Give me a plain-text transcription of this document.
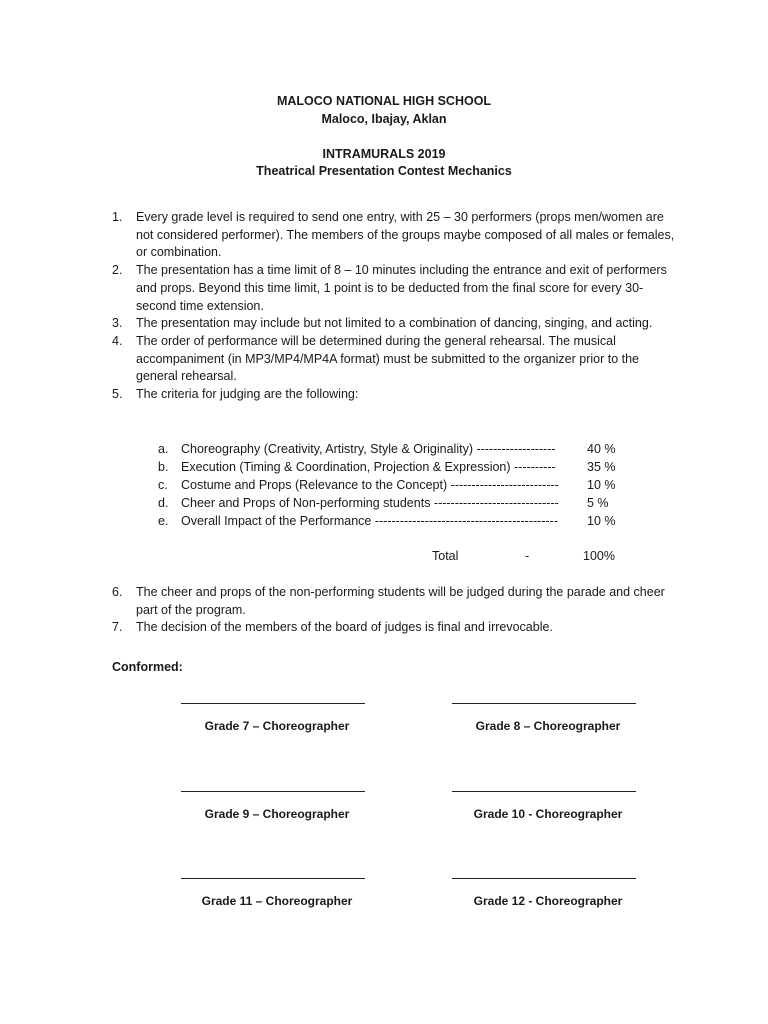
MALOCO NATIONAL HIGH SCHOOL
Maloco, Ibajay, Aklan
INTRAMURALS 2019
Theatrical Presentation Contest Mechanics
1. Every grade level is required to send one entry, with 25 – 30 performers (props men/women are not considered performer). The members of the groups maybe composed of all males or females, or combination.
2. The presentation has a time limit of 8 – 10 minutes including the entrance and exit of performers and props. Beyond this time limit, 1 point is to be deducted from the final score for every 30-second time extension.
3. The presentation may include but not limited to a combination of dancing, singing, and acting.
4. The order of performance will be determined during the general rehearsal. The musical accompaniment (in MP3/MP4/MP4A format) must be submitted to the organizer prior to the general rehearsal.
5. The criteria for judging are the following:
a. Choreography (Creativity, Artistry, Style & Originality) -------------------	40 %
b. Execution (Timing & Coordination, Projection & Expression) ----------	35 %
c. Costume and Props (Relevance to the Concept) -------------------------- 10 %
d. Cheer and Props of Non-performing students ------------------------------ 5 %
e. Overall Impact of the Performance -------------------------------------------- 10 %
Total	-	100%
6. The cheer and props of the non-performing students will be judged during the parade and cheer part of the program.
7. The decision of the members of the board of judges is final and irrevocable.
Conformed:
Grade 7 – Choreographer	Grade 8 – Choreographer
Grade 9 – Choreographer	Grade 10 - Choreographer
Grade 11 – Choreographer	Grade 12 - Choreographer
